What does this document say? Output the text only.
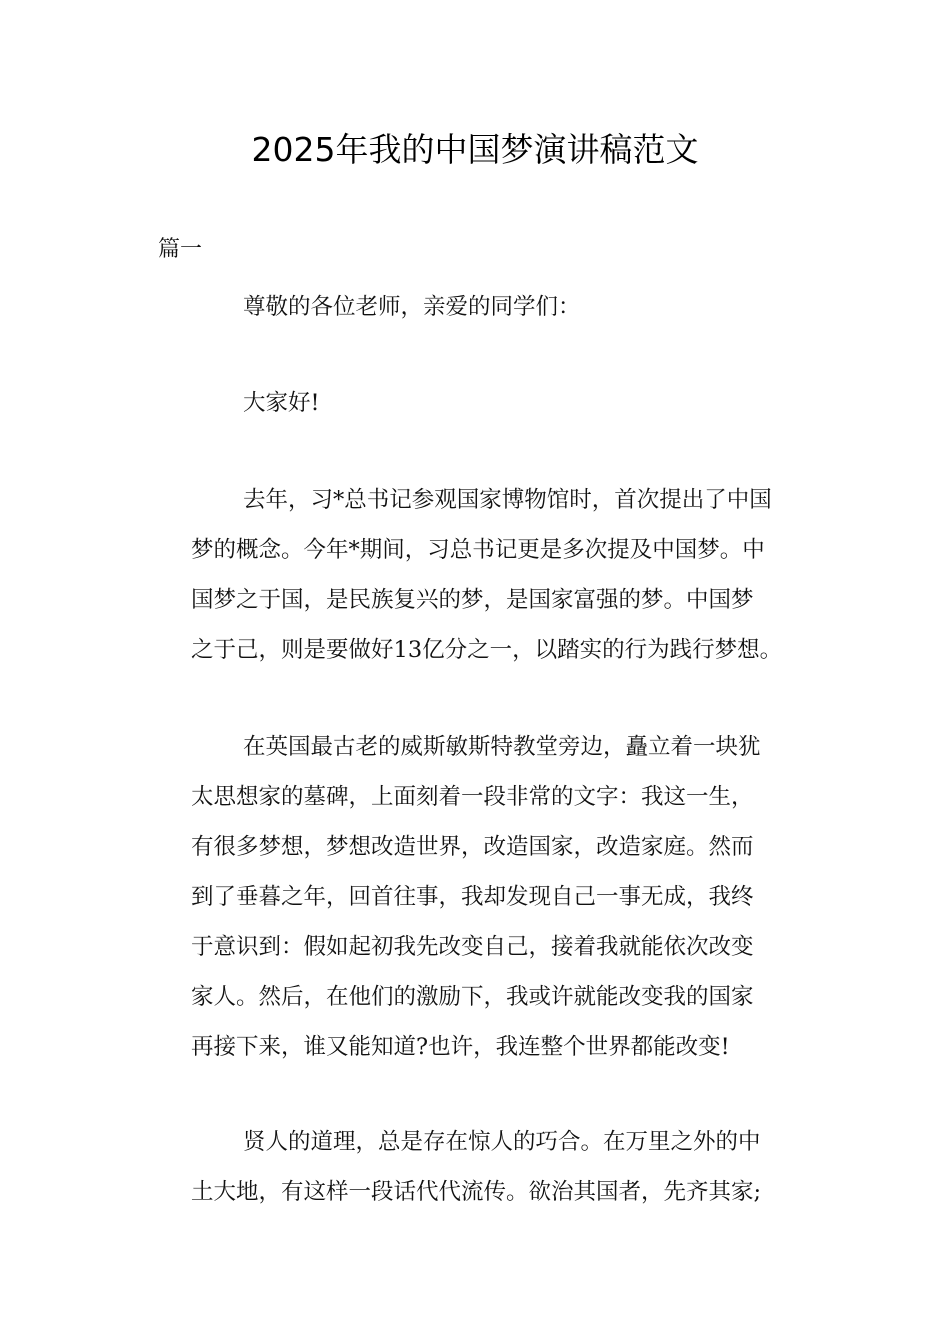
2025年我的中国梦演讲稿范文
篇一
尊敬的各位老师，亲爱的同学们：
大家好!
去年，习*总书记参观国家博物馆时，首次提出了中国
梦的概念。今年*期间，习总书记更是多次提及中国梦。中
国梦之于国，是民族复兴的梦，是国家富强的梦。中国梦
之于己，则是要做好13亿分之一，以踏实的行为践行梦想。
在英国最古老的威斯敏斯特教堂旁边，矗立着一块犹
太思想家的墓碑，上面刻着一段非常的文字：我这一生，
有很多梦想，梦想改造世界，改造国家，改造家庭。然而
到了垂暮之年，回首往事，我却发现自己一事无成，我终
于意识到：假如起初我先改变自己，接着我就能依次改变
家人。然后，在他们的激励下，我或许就能改变我的国家
再接下来，谁又能知道?也许，我连整个世界都能改变!
贤人的道理，总是存在惊人的巧合。在万里之外的中
土大地，有这样一段话代代流传。欲治其国者，先齐其家;
